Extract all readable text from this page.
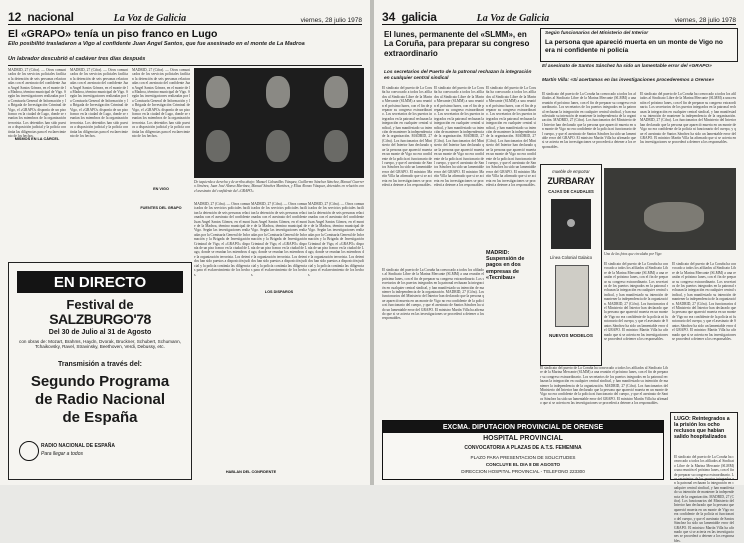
12 nacional	La Voz de Galicia	viernes, 28 julio 1978
El «GRAPO» tenía un piso franco en Lugo
Ello posibilitó trasladaron a Vigo al confidente Juan Angel Santos, que fue asesinado en el monte de La Madroa
Un labrador descubrió el cadáver tres días después
MADRID, 27 (Cifra). — Otros comunicados de los servicios policiales facilitan la detención de seis personas relacionadas con el asesinato del confidente Juan Angel Santos Gómez, en el monte de la Madroa, término municipal de Vigo. Según las investigaciones realizadas por la Comisaría General de Información y la Brigada de Investigación Criminal de Vigo, el «GRAPO» disponía de un piso franco en la ciudad de Lugo, donde se reunían los miembros de la organización terrorista. Los detenidos han sido puestos a disposición judicial y la policía continúa las diligencias para el esclarecimiento de los hechos.
MADRID, 27 (Cifra). — Otros comunicados de los servicios policiales facilitan la detención de seis personas relacionadas con el asesinato del confidente Juan Angel Santos Gómez, en el monte de la Madroa, término municipal de Vigo. Según las investigaciones realizadas por la Comisaría General de Información y la Brigada de Investigación Criminal de Vigo, el «GRAPO» disponía de un piso franco en la ciudad de Lugo, donde se reunían los miembros de la organización terrorista. Los detenidos han sido puestos a disposición judicial y la policía continúa las diligencias para el esclarecimiento de los hechos.
MADRID, 27 (Cifra). — Otros comunicados de los servicios policiales facilitan la detención de seis personas relacionadas con el asesinato del confidente Juan Angel Santos Gómez, en el monte de la Madroa, término municipal de Vigo. Según las investigaciones realizadas por la Comisaría General de Información y la Brigada de Investigación Criminal de Vigo, el «GRAPO» disponía de un piso franco en la ciudad de Lugo, donde se reunían los miembros de la organización terrorista. Los detenidos han sido puestos a disposición judicial y la policía continúa las diligencias para el esclarecimiento de los hechos.
MISMOS EN LA CÁRCEL
EN VIGO
De izquierda a derecha y de arriba abajo: Manuel Cabanillas Vázquez, Guillermo Sánchez Sánchez, Manuel Guerrero Jiménez, Juan José Alonso Martínez, Manuel Sánchez Martínez, y Elías Alonso Vázquez, detenidos en relación con el asesinato del confidente del «GRAPO»
MADRID, 27 (Cifra). — Otros comunicados de los servicios policiales facilitan la detención de seis personas relacionadas con el asesinato del confidente Juan Angel Santos Gómez, en el monte de la Madroa, término municipal de Vigo. Según las investigaciones realizadas por la Comisaría General de Información y la Brigada de Investigación Criminal de Vigo, el «GRAPO» disponía de un piso franco en la ciudad de Lugo, donde se reunían los miembros de la organización terrorista. Los detenidos han sido puestos a disposición judicial y la policía continúa las diligencias para el esclarecimiento de los hechos.
MADRID, 27 (Cifra). — Otros comunicados de los servicios policiales facilitan la detención de seis personas relacionadas con el asesinato del confidente Juan Angel Santos Gómez, en el monte de la Madroa, término municipal de Vigo. Según las investigaciones realizadas por la Comisaría General de Información y la Brigada de Investigación Criminal de Vigo, el «GRAPO» disponía de un piso franco en la ciudad de Lugo, donde se reunían los miembros de la organización terrorista. Los detenidos han sido puestos a disposición judicial y la policía continúa las diligencias para el esclarecimiento de los hechos.
MADRID, 27 (Cifra). — Otros comunicados de los servicios policiales facilitan la detención de seis personas relacionadas con el asesinato del confidente Juan Angel Santos Gómez, en el monte de la Madroa, término municipal de Vigo. Según las investigaciones realizadas por la Comisaría General de Información y la Brigada de Investigación Criminal de Vigo, el «GRAPO» disponía de un piso franco en la ciudad de Lugo, donde se reunían los miembros de la organización terrorista. Los detenidos han sido puestos a disposición judicial y la policía continúa las diligencias para el esclarecimiento de los hechos.
LOS DISPAROS
HABLAN DEL CONFIDENTE
FUENTES DEL GRAPO
EN DIRECTO
Festival de
SALZBURGO'78
Del 30 de Julio al 31 de Agosto
con obras de: Mozart, Brahms, Haydn, Dvorak, Bruckner, Schubert, Schumann, Tchaikovsky, Ravel, Stravinsky, Beethoven, Verdi, Debussy, etc.
Transmisión a través del:
Segundo Programa
de Radio Nacional
de España
RADIO NACIONAL DE ESPAÑA
Para llegar a todos
34 galicia	La Voz de Galicia	viernes, 28 julio 1978
El lunes, permanente del «SLMM», en La Coruña, para preparar su congreso extraordinario
Los secretarios del Puerto de la patronal rechazan la integración en cualquier central sindical
El sindicato del puerto de La Coruña ha convocado a todos los afiliados al Sindicato Libre de la Marina Mercante (SLMM) a una reunión el próximo lunes, con el fin de preparar su congreso extraordinario. Los secretarios de los puertos integrados en la patronal rechazan la integración en cualquier central sindical, y han manifestado su intención de mantener la independencia de la organización. MADRID, 27 (Cifra). Los funcionarios del Ministerio del Interior han declarado que la persona que apareció muerta en un monte de Vigo no era confidente de la policía ni funcionario del cuerpo, y que el asesinato de Santos Sánchez ha sido un lamentable error del GRAPO. El ministro Martín Villa ha afirmado que si se acierta en las investigaciones se procederá a detener a los responsables.
El sindicato del puerto de La Coruña ha convocado a todos los afiliados al Sindicato Libre de la Marina Mercante (SLMM) a una reunión el próximo lunes, con el fin de preparar su congreso extraordinario. Los secretarios de los puertos integrados en la patronal rechazan la integración en cualquier central sindical, y han manifestado su intención de mantener la independencia de la organización. MADRID, 27 (Cifra). Los funcionarios del Ministerio del Interior han declarado que la persona que apareció muerta en un monte de Vigo no era confidente de la policía ni funcionario del cuerpo, y que el asesinato de Santos Sánchez ha sido un lamentable error del GRAPO. El ministro Martín Villa ha afirmado que si se acierta en las investigaciones se procederá a detener a los responsables.
El sindicato del puerto de La Coruña ha convocado a todos los afiliados al Sindicato Libre de la Marina Mercante (SLMM) a una reunión el próximo lunes, con el fin de preparar su congreso extraordinario. Los secretarios de los puertos integrados en la patronal rechazan la integración en cualquier central sindical, y han manifestado su intención de mantener la independencia de la organización. MADRID, 27 (Cifra). Los funcionarios del Ministerio del Interior han declarado que la persona que apareció muerta en un monte de Vigo no era confidente de la policía ni funcionario del cuerpo, y que el asesinato de Santos Sánchez ha sido un lamentable error del GRAPO. El ministro Martín Villa ha afirmado que si se acierta en las investigaciones se procederá a detener a los responsables.
Según funcionarios del Ministerio del Interior
La persona que apareció muerta en un monte de Vigo no era ni confidente ni policía
El asesinato de Santos Sánchez ha sido un lamentable error del «GRAPO»
Martín Villa: «Si acertamos en las investigaciones procederemos a Orense»
El sindicato del puerto de La Coruña ha convocado a todos los afiliados al Sindicato Libre de la Marina Mercante (SLMM) a una reunión el próximo lunes, con el fin de preparar su congreso extraordinario. Los secretarios de los puertos integrados en la patronal rechazan la integración en cualquier central sindical, y han manifestado su intención de mantener la independencia de la organización. MADRID, 27 (Cifra). Los funcionarios del Ministerio del Interior han declarado que la persona que apareció muerta en un monte de Vigo no era confidente de la policía ni funcionario del cuerpo, y que el asesinato de Santos Sánchez ha sido un lamentable error del GRAPO. El ministro Martín Villa ha afirmado que si se acierta en las investigaciones se procederá a detener a los responsables.
El sindicato del puerto de La Coruña ha convocado a todos los afiliados al Sindicato Libre de la Marina Mercante (SLMM) a una reunión el próximo lunes, con el fin de preparar su congreso extraordinario. Los secretarios de los puertos integrados en la patronal rechazan la integración en cualquier central sindical, y han manifestado su intención de mantener la independencia de la organización. MADRID, 27 (Cifra). Los funcionarios del Ministerio del Interior han declarado que la persona que apareció muerta en un monte de Vigo no era confidente de la policía ni funcionario del cuerpo, y que el asesinato de Santos Sánchez ha sido un lamentable error del GRAPO. El ministro Martín Villa ha afirmado que si se acierta en las investigaciones se procederá a detener a los responsables.
mueble de empotrar
ZURBARAY
CAJAS DE CAUDALES
Línea Colonial Galaico
NUEVOS MODELOS
MADRID: Suspensión de pagos en dos empresas de «Tecnibau»
Una de las fotos que circulaba por Vigo
El sindicato del puerto de La Coruña ha convocado a todos los afiliados al Sindicato Libre de la Marina Mercante (SLMM) a una reunión el próximo lunes, con el fin de preparar su congreso extraordinario. Los secretarios de los puertos integrados en la patronal rechazan la integración en cualquier central sindical, y han manifestado su intención de mantener la independencia de la organización. MADRID, 27 (Cifra). Los funcionarios del Ministerio del Interior han declarado que la persona que apareció muerta en un monte de Vigo no era confidente de la policía ni funcionario del cuerpo, y que el asesinato de Santos Sánchez ha sido un lamentable error del GRAPO. El ministro Martín Villa ha afirmado que si se acierta en las investigaciones se procederá a detener a los responsables.
El sindicato del puerto de La Coruña ha convocado a todos los afiliados al Sindicato Libre de la Marina Mercante (SLMM) a una reunión el próximo lunes, con el fin de preparar su congreso extraordinario. Los secretarios de los puertos integrados en la patronal rechazan la integración en cualquier central sindical, y han manifestado su intención de mantener la independencia de la organización. MADRID, 27 (Cifra). Los funcionarios del Ministerio del Interior han declarado que la persona que apareció muerta en un monte de Vigo no era confidente de la policía ni funcionario del cuerpo, y que el asesinato de Santos Sánchez ha sido un lamentable error del GRAPO. El ministro Martín Villa ha afirmado que si se acierta en las investigaciones se procederá a detener a los responsables.
El sindicato del puerto de La Coruña ha convocado a todos los afiliados al Sindicato Libre de la Marina Mercante (SLMM) a una reunión el próximo lunes, con el fin de preparar su congreso extraordinario. Los secretarios de los puertos integrados en la patronal rechazan la integración en cualquier central sindical, y han manifestado su intención de mantener la independencia de la organización. MADRID, 27 (Cifra). Los funcionarios del Ministerio del Interior han declarado que la persona que apareció muerta en un monte de Vigo no era confidente de la policía ni funcionario del cuerpo, y que el asesinato de Santos Sánchez ha sido un lamentable error del GRAPO. El ministro Martín Villa ha afirmado que si se acierta en las investigaciones se procederá a detener a los responsables.
El sindicato del puerto de La Coruña ha convocado a todos los afiliados al Sindicato Libre de la Marina Mercante (SLMM) a una reunión el próximo lunes, con el fin de preparar su congreso extraordinario. Los secretarios de los puertos integrados en la patronal rechazan la integración en cualquier central sindical, y han manifestado su intención de mantener la independencia de la organización. MADRID, 27 (Cifra). Los funcionarios del Ministerio del Interior han declarado que la persona que apareció muerta en un monte de Vigo no era confidente de la policía ni funcionario del cuerpo, y que el asesinato de Santos Sánchez ha sido un lamentable error del GRAPO. El ministro Martín Villa ha afirmado que si se acierta en las investigaciones se procederá a detener a los responsables.
EXCMA. DIPUTACION PROVINCIAL DE ORENSE
HOSPITAL PROVINCIAL
CONVOCATORIA A PLAZAS DE A.T.S. FEMENINA
PLAZO PARA PRESENTACION DE SOLICITUDES
CONCLUYE EL DIA 8 DE AGOSTO
DIRECCION HOSPITAL PROVINCIAL - TELEFONO 223300
LUGO: Reintegrados a la prisión los ocho reclusos que habían salido hospitalizados
El sindicato del puerto de La Coruña ha convocado a todos los afiliados al Sindicato Libre de la Marina Mercante (SLMM) a una reunión el próximo lunes, con el fin de preparar su congreso extraordinario. Los secretarios de los puertos integrados en la patronal rechazan la integración en cualquier central sindical, y han manifestado su intención de mantener la independencia de la organización. MADRID, 27 (Cifra). Los funcionarios del Ministerio del Interior han declarado que la persona que apareció muerta en un monte de Vigo no era confidente de la policía ni funcionario del cuerpo, y que el asesinato de Santos Sánchez ha sido un lamentable error del GRAPO. El ministro Martín Villa ha afirmado que si se acierta en las investigaciones se procederá a detener a los responsables.
